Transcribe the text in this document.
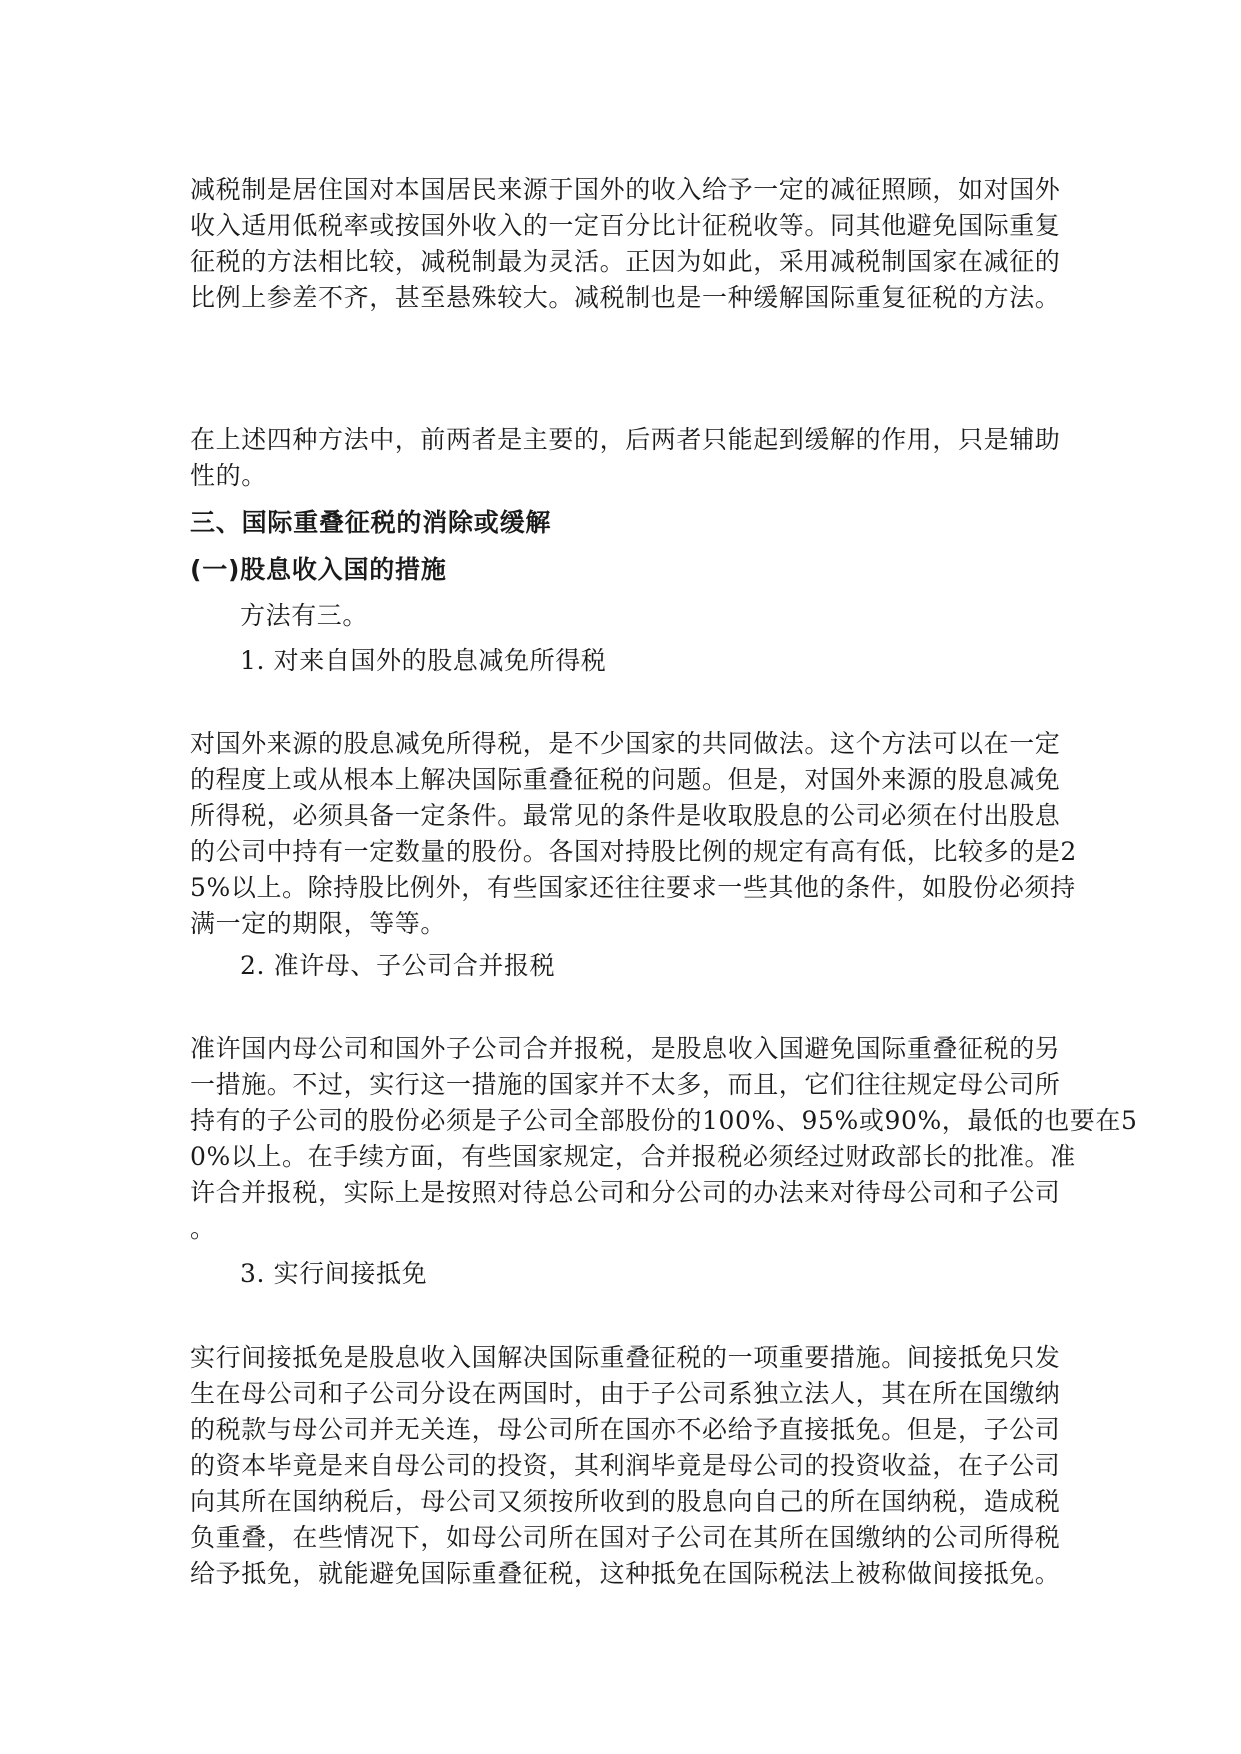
减税制是居住国对本国居民来源于国外的收入给予一定的减征照顾，如对国外
收入适用低税率或按国外收入的一定百分比计征税收等。同其他避免国际重复
征税的方法相比较，减税制最为灵活。正因为如此，采用减税制国家在减征的
比例上参差不齐，甚至悬殊较大。减税制也是一种缓解国际重复征税的方法。
在上述四种方法中，前两者是主要的，后两者只能起到缓解的作用，只是辅助
性的。
三、国际重叠征税的消除或缓解
(一)股息收入国的措施
方法有三。
1. 对来自国外的股息减免所得税
对国外来源的股息减免所得税，是不少国家的共同做法。这个方法可以在一定
的程度上或从根本上解决国际重叠征税的问题。但是，对国外来源的股息减免
所得税，必须具备一定条件。最常见的条件是收取股息的公司必须在付出股息
的公司中持有一定数量的股份。各国对持股比例的规定有高有低，比较多的是2
5%以上。除持股比例外，有些国家还往往要求一些其他的条件，如股份必须持
满一定的期限，等等。
2. 准许母、子公司合并报税
准许国内母公司和国外子公司合并报税，是股息收入国避免国际重叠征税的另
一措施。不过，实行这一措施的国家并不太多，而且，它们往往规定母公司所
持有的子公司的股份必须是子公司全部股份的100%、95%或90%，最低的也要在5
0%以上。在手续方面，有些国家规定，合并报税必须经过财政部长的批准。准
许合并报税，实际上是按照对待总公司和分公司的办法来对待母公司和子公司
。
3. 实行间接抵免
实行间接抵免是股息收入国解决国际重叠征税的一项重要措施。间接抵免只发
生在母公司和子公司分设在两国时，由于子公司系独立法人，其在所在国缴纳
的税款与母公司并无关连，母公司所在国亦不必给予直接抵免。但是，子公司
的资本毕竟是来自母公司的投资，其利润毕竟是母公司的投资收益，在子公司
向其所在国纳税后，母公司又须按所收到的股息向自己的所在国纳税，造成税
负重叠，在些情况下，如母公司所在国对子公司在其所在国缴纳的公司所得税
给予抵免，就能避免国际重叠征税，这种抵免在国际税法上被称做间接抵免。
